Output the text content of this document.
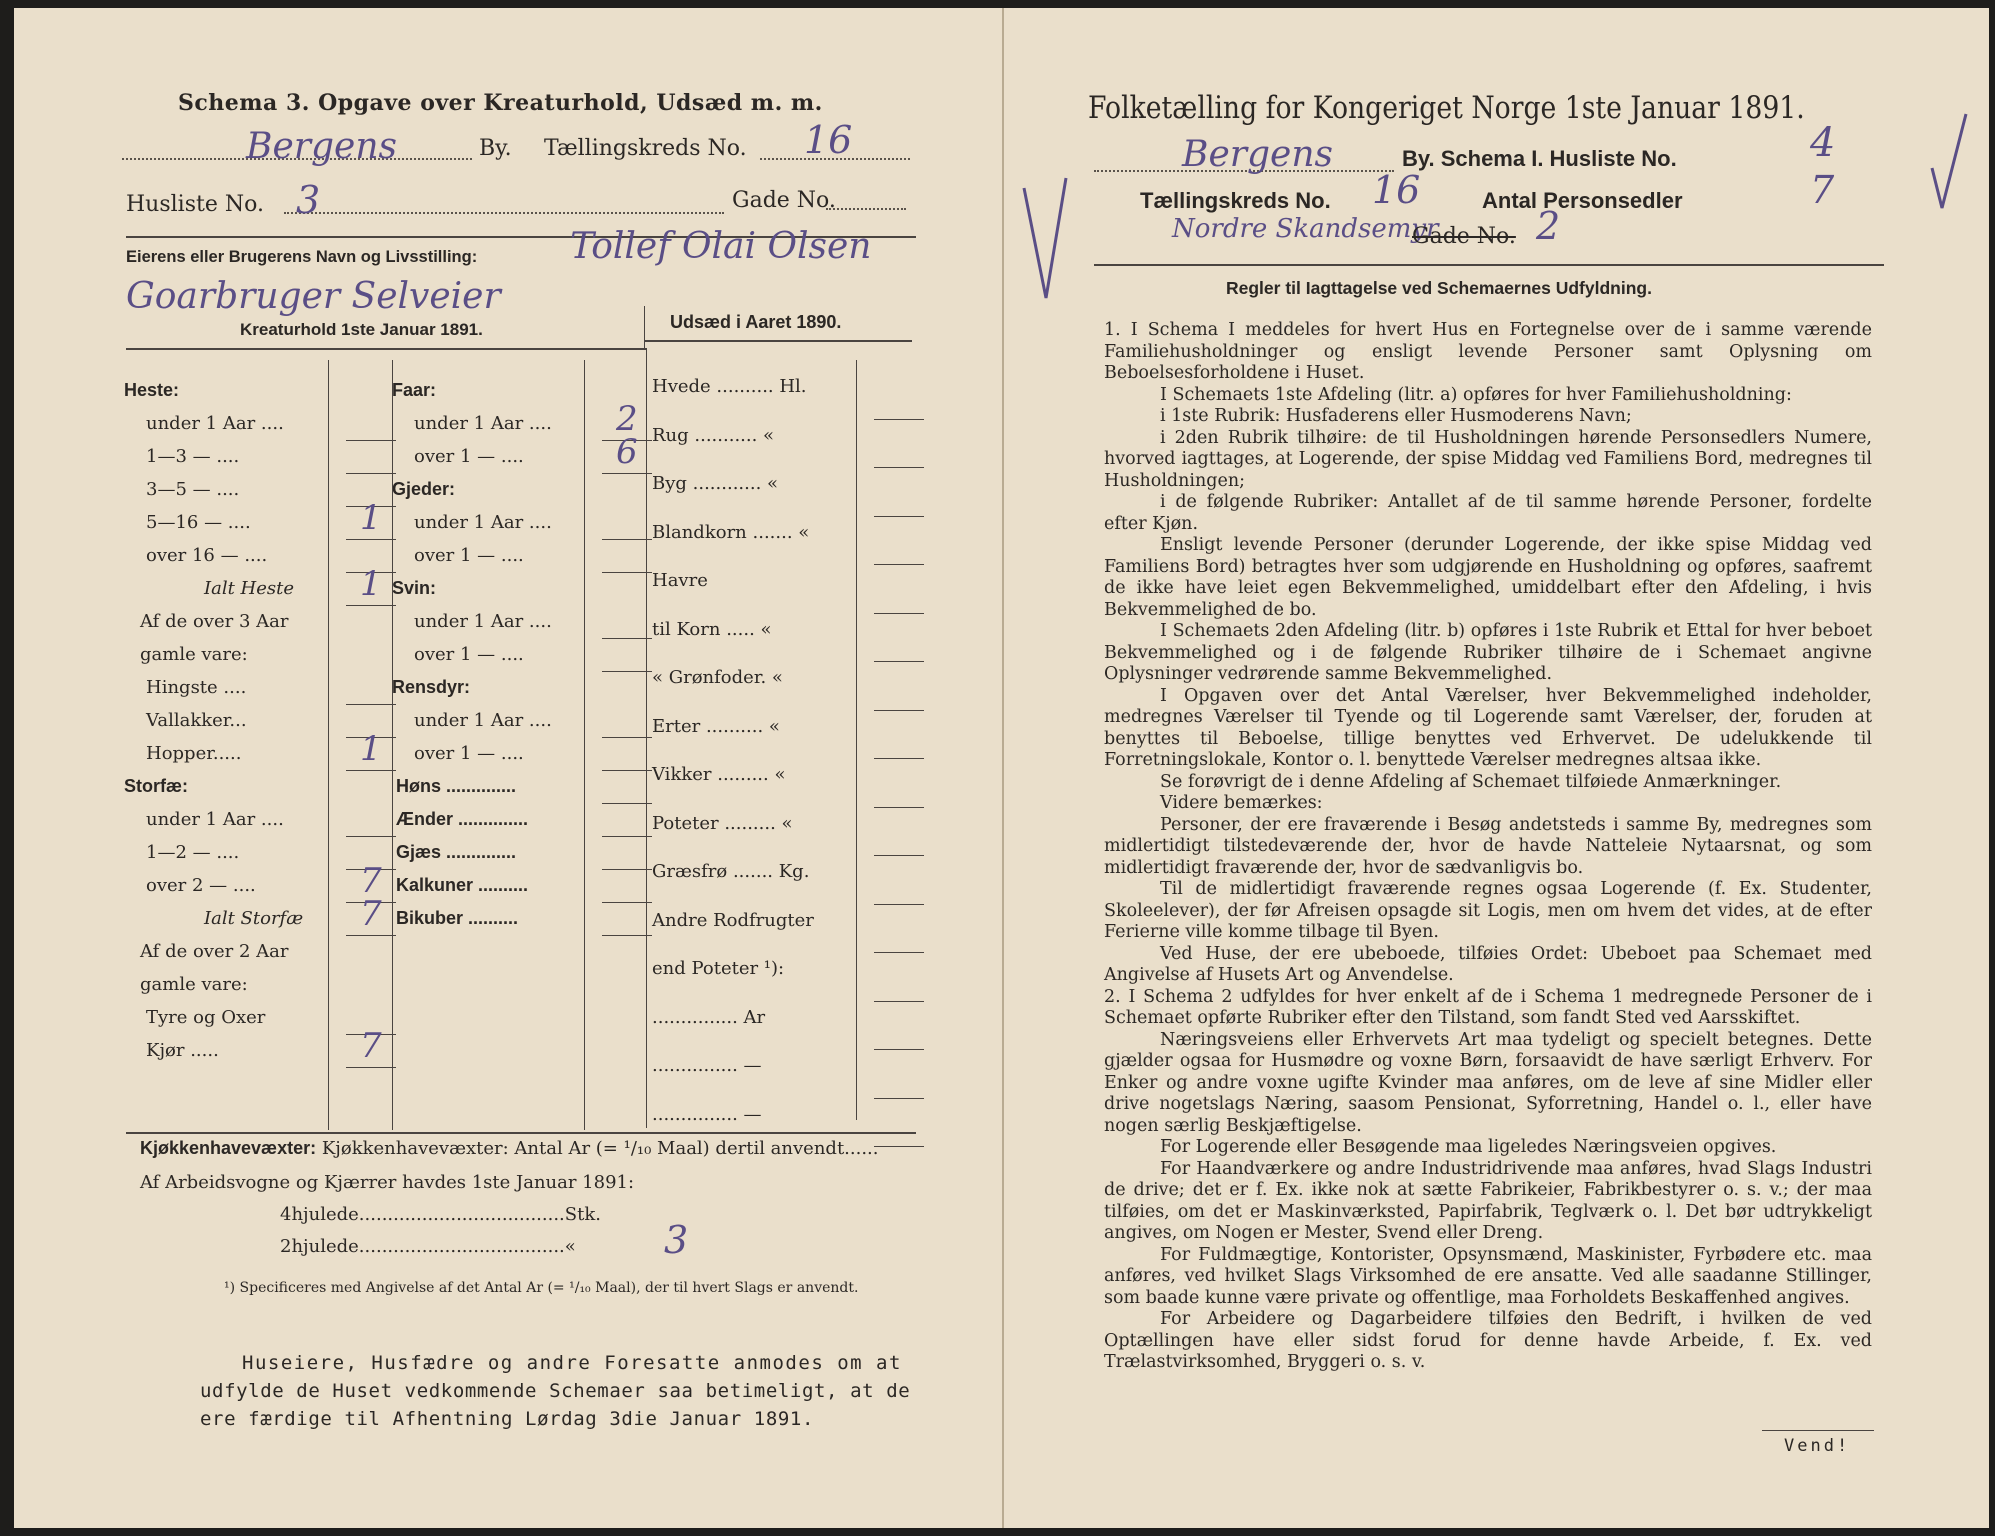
Schema 3. Opgave over Kreaturhold, Udsæd m. m.
Bergens	By. Tællingskreds No. 16
Husliste No. 3	Gade No.
Eierens eller Brugerens Navn og Livsstilling:	Tollef Olai Olsen
Goarbruger Selveier
Kreaturhold 1ste Januar 1891.	Udsæd i Aaret 1890.
Heste:
under 1 Aar ....
1—3 — ....
3—5 — ....
5—16 — ....	1
over 16 — ....
Ialt Heste 1
Af de over 3 Aar
gamle vare:
Hingste ....
Vallakker...
Hopper.....	1
Storfæ:
under 1 Aar ....
1—2 — ....
over 2 — ....	7
Ialt Storfæ 7
Af de over 2 Aar
gamle vare:
Tyre og Oxer
Kjør .....	7
Faar:
under 1 Aar .... 2
over 1 — ....	6
Gjeder:
under 1 Aar ....
over 1 — ....
Svin:
under 1 Aar ....
over 1 — ....
Rensdyr:
under 1 Aar ....
over 1 — ....
Høns ..............
Ænder ..............
Gjæs ..............
Kalkuner ..........
Bikuber ..........
Hvede .......... Hl.
Rug ........... «
Byg ............ «
Blandkorn ....... «
Havre
til Korn ..... «
« Grønfoder. «
Erter .......... «
Vikker ......... «
Poteter ......... «
Græsfrø ....... Kg.
Andre Rodfrugter
end Poteter ¹):
............... Ar
............... —
............... —
Kjøkkenhavevæxter: Kjøkkenhavevæxter: Antal Ar (= ¹/₁₀ Maal) dertil anvendt......
Af Arbeidsvogne og Kjærrer havdes 1ste Januar 1891:
4hjulede....................................Stk.
2hjulede....................................« 3
¹) Specificeres med Angivelse af det Antal Ar (= ¹/₁₀ Maal), der til hvert Slags er anvendt.
Huseiere, Husfædre og andre Foresatte anmodes om at
udfylde de Huset vedkommende Schemaer saa betimeligt, at de
ere færdige til Afhentning Lørdag 3die Januar 1891.
Folketælling for Kongeriget Norge 1ste Januar 1891.
Bergens	By. Schema I. Husliste No.	4
Tællingskreds No. 16	Antal Personsedler	7
Nordre Skandsemyr
Gade No. 2
Regler til Iagttagelse ved Schemaernes Udfyldning.

1. I Schema I meddeles for hvert Hus en Fortegnelse over de i samme værende Familiehusholdninger og ensligt levende Personer samt Oplysning om Beboelsesforholdene i Huset.

I Schemaets 1ste Afdeling (litr. a) opføres for hver Familiehusholdning:

i 1ste Rubrik: Husfaderens eller Husmoderens Navn;

i 2den Rubrik tilhøire: de til Husholdningen hørende Personsedlers Numere, hvorved iagttages, at Logerende, der spise Middag ved Familiens Bord, medregnes til Husholdningen;

i de følgende Rubriker: Antallet af de til samme hørende Personer, fordelte efter Kjøn.

Ensligt levende Personer (derunder Logerende, der ikke spise Middag ved Familiens Bord) betragtes hver som udgjørende en Husholdning og opføres, saafremt de ikke have leiet egen Bekvemmelighed, umiddelbart efter den Afdeling, i hvis Bekvemmelighed de bo.

I Schemaets 2den Afdeling (litr. b) opføres i 1ste Rubrik et Ettal for hver beboet Bekvemmelighed og i de følgende Rubriker tilhøire de i Schemaet angivne Oplysninger vedrørende samme Bekvemmelighed.

I Opgaven over det Antal Værelser, hver Bekvemmelighed indeholder, medregnes Værelser til Tyende og til Logerende samt Værelser, der, foruden at benyttes til Beboelse, tillige benyttes ved Erhvervet. De udelukkende til Forretningslokale, Kontor o. l. benyttede Værelser medregnes altsaa ikke.

Se forøvrigt de i denne Afdeling af Schemaet tilføiede Anmærkninger.

Videre bemærkes:

Personer, der ere fraværende i Besøg andetsteds i samme By, medregnes som midlertidigt tilstedeværende der, hvor de havde Natteleie Nytaarsnat, og som midlertidigt fraværende der, hvor de sædvanligvis bo.

Til de midlertidigt fraværende regnes ogsaa Logerende (f. Ex. Studenter, Skoleelever), der før Afreisen opsagde sit Logis, men om hvem det vides, at de efter Ferierne ville komme tilbage til Byen.

Ved Huse, der ere ubeboede, tilføies Ordet: Ubeboet paa Schemaet med Angivelse af Husets Art og Anvendelse.

2. I Schema 2 udfyldes for hver enkelt af de i Schema 1 medregnede Personer de i Schemaet opførte Rubriker efter den Tilstand, som fandt Sted ved Aarsskiftet.

Næringsveiens eller Erhvervets Art maa tydeligt og specielt betegnes. Dette gjælder ogsaa for Husmødre og voxne Børn, forsaavidt de have særligt Erhverv. For Enker og andre voxne ugifte Kvinder maa anføres, om de leve af sine Midler eller drive nogetslags Næring, saasom Pensionat, Syforretning, Handel o. l., eller have nogen særlig Beskjæftigelse.

For Logerende eller Besøgende maa ligeledes Næringsveien opgives.

For Haandværkere og andre Industridrivende maa anføres, hvad Slags Industri de drive; det er f. Ex. ikke nok at sætte Fabrikeier, Fabrikbestyrer o. s. v.; der maa tilføies, om det er Maskinværksted, Papirfabrik, Teglværk o. l. Det bør udtrykkeligt angives, om Nogen er Mester, Svend eller Dreng.

For Fuldmægtige, Kontorister, Opsynsmænd, Maskinister, Fyrbødere etc. maa anføres, ved hvilket Slags Virksomhed de ere ansatte. Ved alle saadanne Stillinger, som baade kunne være private og offentlige, maa Forholdets Beskaffenhed angives.

For Arbeidere og Dagarbeidere tilføies den Bedrift, i hvilken de ved Optællingen have eller sidst forud for denne havde Arbeide, f. Ex. ved Trælastvirksomhed, Bryggeri o. s. v.

Vend!
